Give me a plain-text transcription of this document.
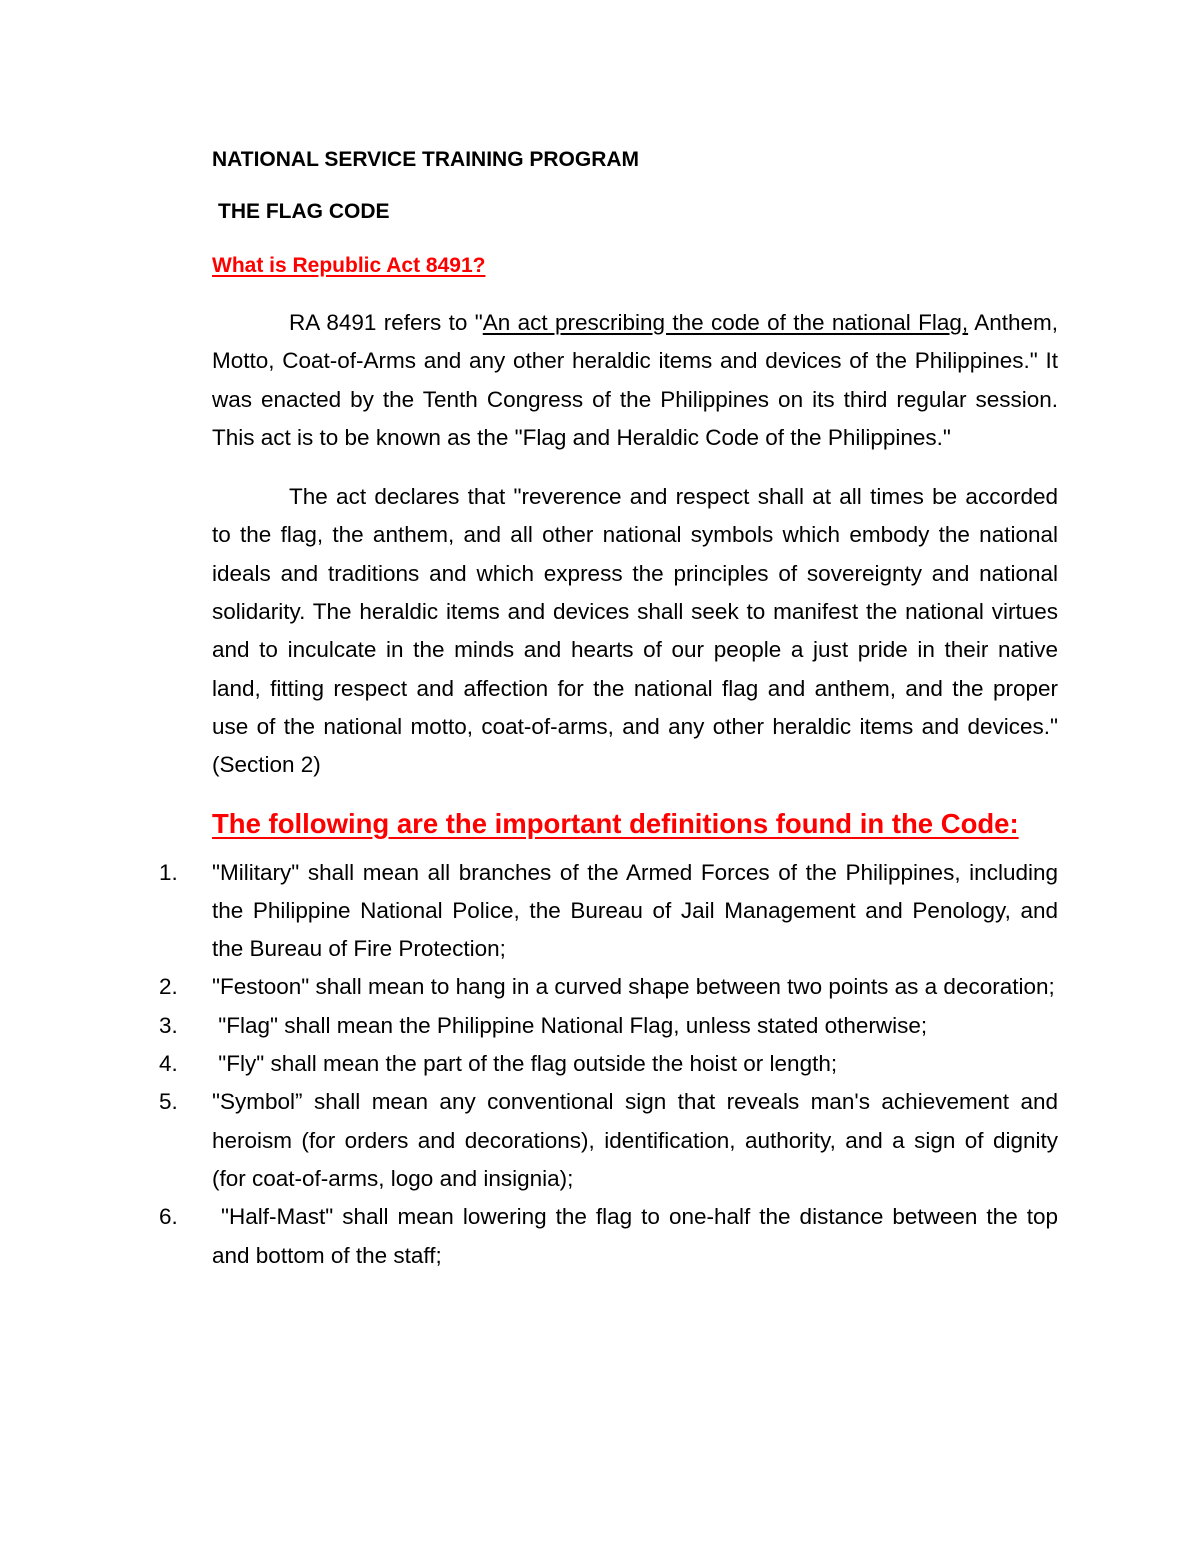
NATIONAL SERVICE TRAINING PROGRAM

THE FLAG CODE

What is Republic Act 8491?

RA 8491 refers to "An act prescribing the code of the national Flag, Anthem, Motto, Coat-of-Arms and any other heraldic items and devices of the Philippines." It was enacted by the Tenth Congress of the Philippines on its third regular session. This act is to be known as the "Flag and Heraldic Code of the Philippines."

The act declares that "reverence and respect shall at all times be accorded to the flag, the anthem, and all other national symbols which embody the national ideals and traditions and which express the principles of sovereignty and national solidarity. The heraldic items and devices shall seek to manifest the national virtues and to inculcate in the minds and hearts of our people a just pride in their native land, fitting respect and affection for the national flag and anthem, and the proper use of the national motto, coat-of-arms, and any other heraldic items and devices." (Section 2)

The following are the important definitions found in the Code:

1.	"Military" shall mean all branches of the Armed Forces of the Philippines, including the Philippine National Police, the Bureau of Jail Management and Penology, and the Bureau of Fire Protection;
2.	"Festoon" shall mean to hang in a curved shape between two points as a decoration;
3.	"Flag" shall mean the Philippine National Flag, unless stated otherwise;
4.	"Fly" shall mean the part of the flag outside the hoist or length;
5.	"Symbol” shall mean any conventional sign that reveals man's achievement and heroism (for orders and decorations), identification, authority, and a sign of dignity (for coat-of-arms, logo and insignia);
6.	"Half-Mast" shall mean lowering the flag to one-half the distance between the top and bottom of the staff;
